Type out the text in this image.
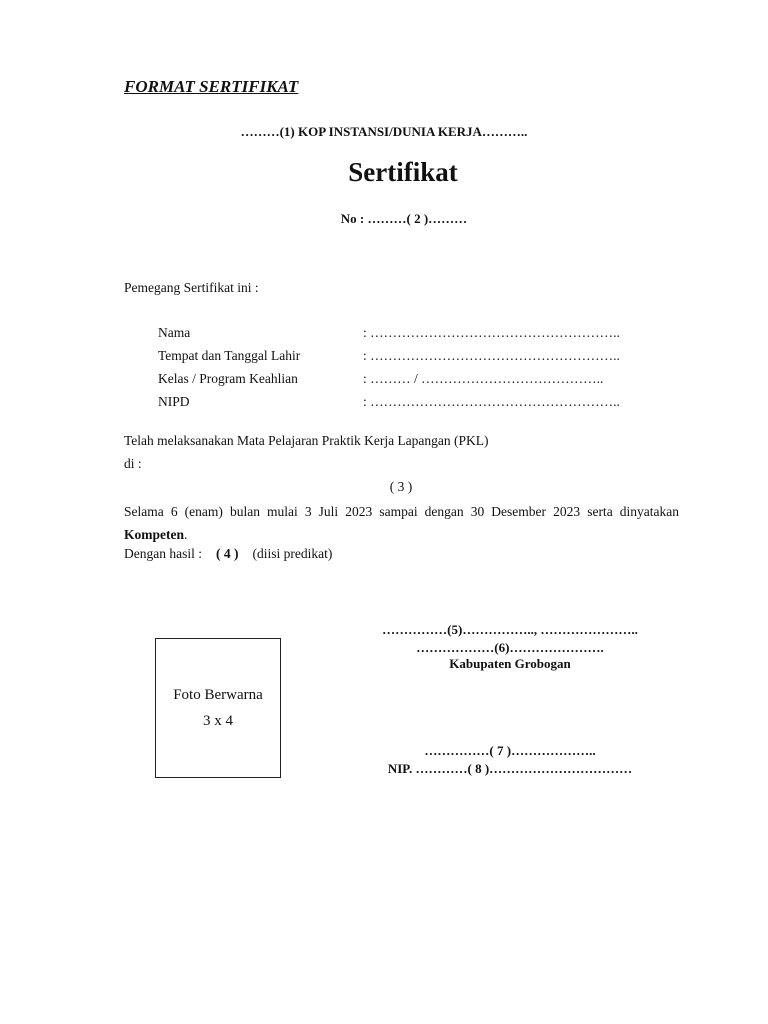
FORMAT SERTIFIKAT
………(1) KOP INSTANSI/DUNIA KERJA………..
Sertifikat
No : ………( 2 )………
Pemegang Sertifikat ini :
Nama	: ………………………………………………..
Tempat dan Tanggal Lahir	: ………………………………………………..
Kelas / Program Keahlian	: ……… / …………………………………..
NIPD	: ………………………………………………..
Telah melaksanakan Mata Pelajaran Praktik Kerja Lapangan (PKL)
di :
( 3 )
Selama 6 (enam) bulan mulai 3 Juli 2023 sampai dengan 30 Desember 2023 serta dinyatakan Kompeten.
Dengan hasil : ( 4 ) (diisi predikat)
Foto Berwarna
3 x 4
……………(5)…………….., …………………..
………………(6)………………….
Kabupaten Grobogan
……………( 7 )………………..
NIP. …………( 8 )……………………………
